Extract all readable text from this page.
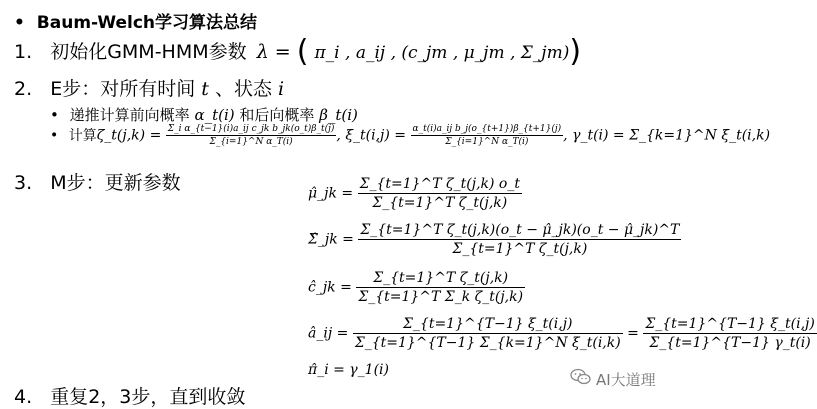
• Baum-Welch学习算法总结
1. 初始化GMM-HMM参数 λ = ( π_i , a_ij , (c_jm , μ_jm , Σ_jm))
2. E步：对所有时间 t 、状态 i
• 递推计算前向概率 α_t(i) 和后向概率 β_t(i)
• 计算ζ_t(j,k) = $\frac{\text{Σ\_i α\_\{t−1\}(i)a\_ij c\_jk b\_jk(o\_t)β\_t(j)}}{\text{Σ\_\{i=1\}\textasciicircum{}N α\_T(i)}}$ , ξ_t(i,j) = $\frac{\text{α\_t(i)a\_ij b\_j(o\_\{t+1\})β\_\{t+1\}(j)}}{\text{Σ\_\{i=1\}\textasciicircum{}N α\_T(i)}}$ , γ_t(i) = Σ_{k=1}^N ξ_t(i,k)
3. M步：更新参数	μ̂_jk = $\frac{\text{Σ\_\{t=1\}\textasciicircum{}T ζ\_t(j,k) o\_t}}{\text{Σ\_\{t=1\}\textasciicircum{}T ζ\_t(j,k)}}$
Σ̂_jk = $\frac{\text{Σ\_\{t=1\}\textasciicircum{}T ζ\_t(j,k)(o\_t − μ̂\_jk)(o\_t − μ̂\_jk)\textasciicircum{}T}}{\text{Σ\_\{t=1\}\textasciicircum{}T ζ\_t(j,k)}}$
ĉ_jk = $\frac{\text{Σ\_\{t=1\}\textasciicircum{}T ζ\_t(j,k)}}{\text{Σ\_\{t=1\}\textasciicircum{}T Σ\_k ζ\_t(j,k)}}$
â_ij = $\frac{\Sigma\_\{t=1\}\^{}\{T-1\} \xi\_t(i,j)}{\text{Σ\_\{t=1\}\textasciicircum{}\{T−1\} Σ\_\{k=1\}\textasciicircum{}N ξ\_t(i,k)}} = \frac{\Sigma\_\{t=1\}\^{}\{T-1\} \xi\_t(i,j)}{\Sigma\_\{t=1\}\^{}\{T-1\} \gamma\_t(i)}$
π̂_i = γ_1(i)
4. 重复2，3步，直到收敛
AI大道理
